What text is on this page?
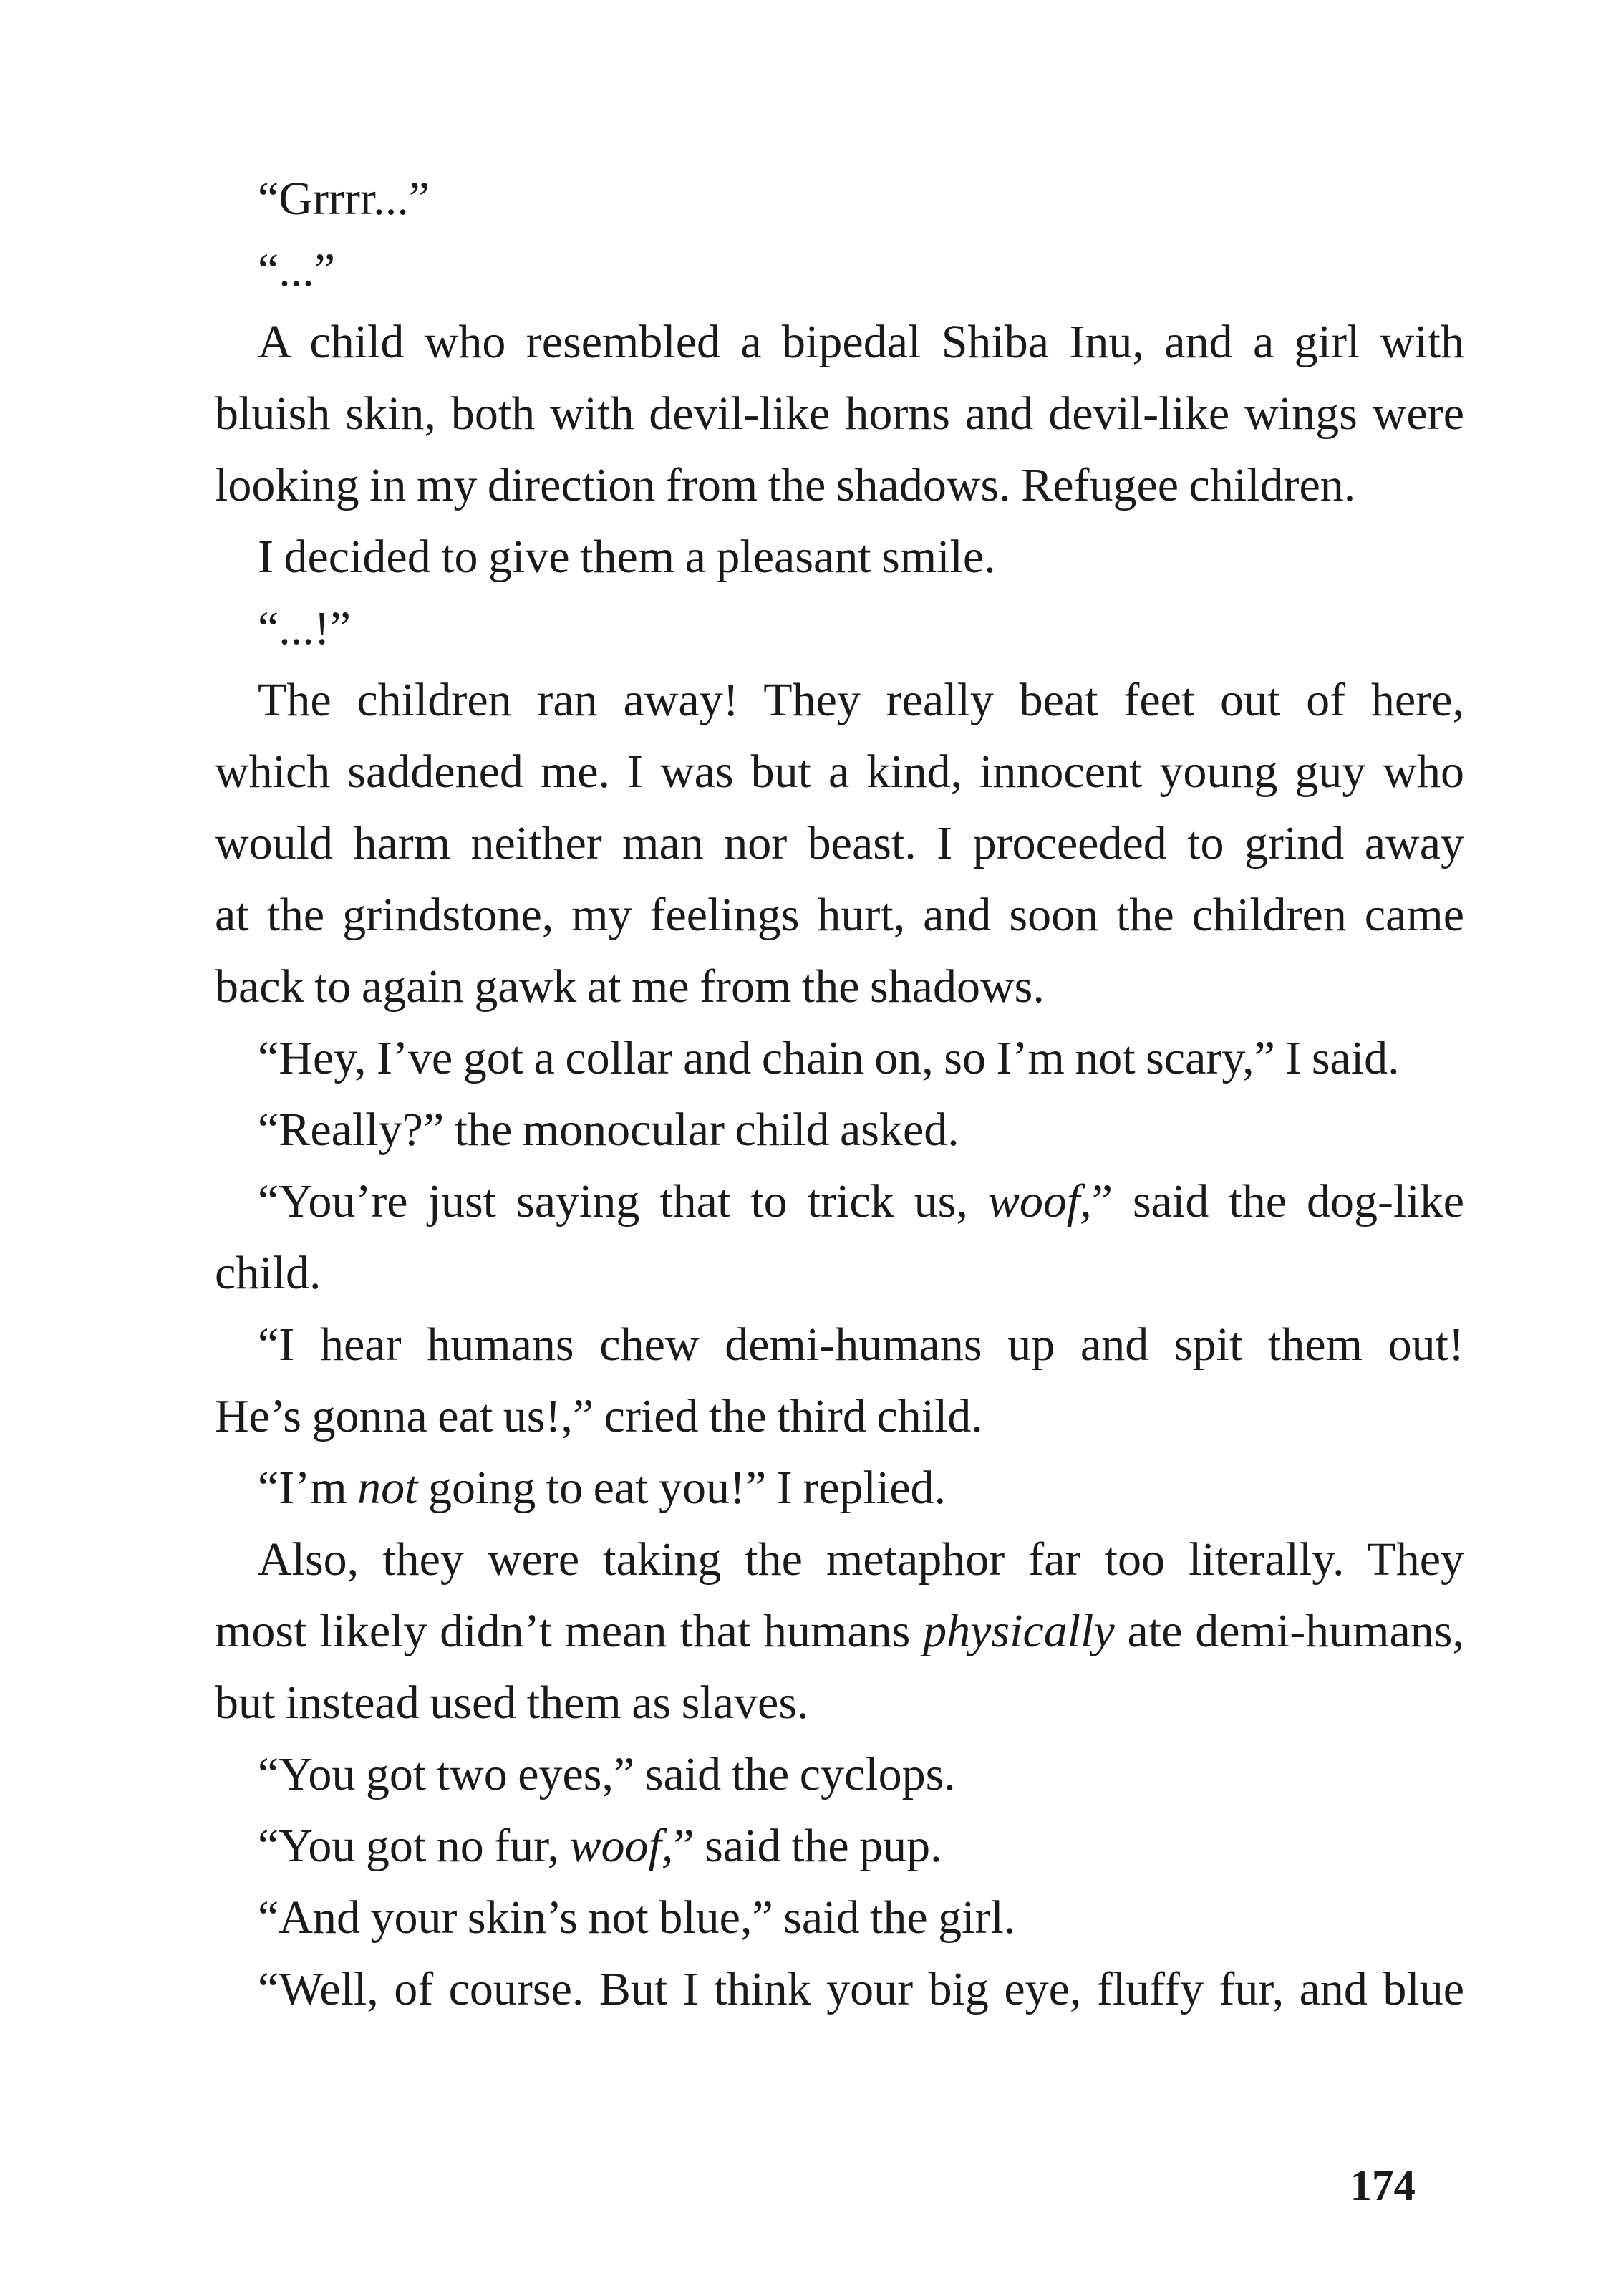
“Grrrr...”
“...”
A child who resembled a bipedal Shiba Inu, and a girl with
bluish skin, both with devil-like horns and devil-like wings were
looking in my direction from the shadows. Refugee children.
I decided to give them a pleasant smile.
“...!”
The children ran away! They really beat feet out of here,
which saddened me. I was but a kind, innocent young guy who
would harm neither man nor beast. I proceeded to grind away
at the grindstone, my feelings hurt, and soon the children came
back to again gawk at me from the shadows.
“Hey, I’ve got a collar and chain on, so I’m not scary,” I said.
“Really?” the monocular child asked.
“You’re just saying that to trick us, woof,” said the dog-like
child.
“I hear humans chew demi-humans up and spit them out!
He’s gonna eat us!,” cried the third child.
“I’m not going to eat you!” I replied.
Also, they were taking the metaphor far too literally. They
most likely didn’t mean that humans physically ate demi-humans,
but instead used them as slaves.
“You got two eyes,” said the cyclops.
“You got no fur, woof,” said the pup.
“And your skin’s not blue,” said the girl.
“Well, of course. But I think your big eye, fluffy fur, and blue
174
